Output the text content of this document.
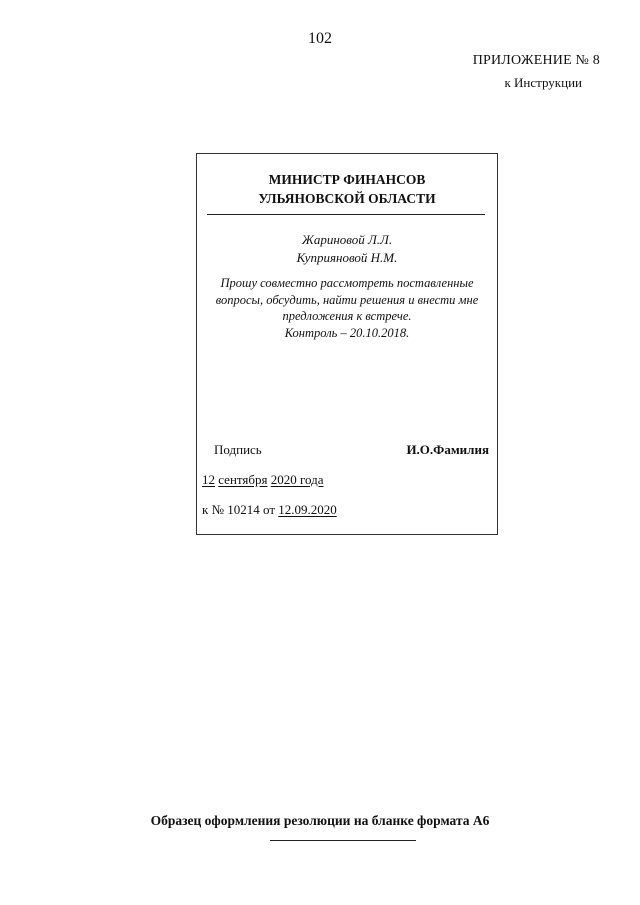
102
ПРИЛОЖЕНИЕ № 8
к Инструкции
МИНИСТР ФИНАНСОВ
УЛЬЯНОВСКОЙ ОБЛАСТИ
Жариновой Л.Л.
Куприяновой Н.М.
Прошу совместно рассмотреть поставленные
вопросы, обсудить, найти решения и внести мне
предложения к встрече.
Контроль – 20.10.2018.
Подпись	И.О.Фамилия
12 сентября 2020 года
к № 10214 от 12.09.2020
Образец оформления резолюции на бланке формата А6
